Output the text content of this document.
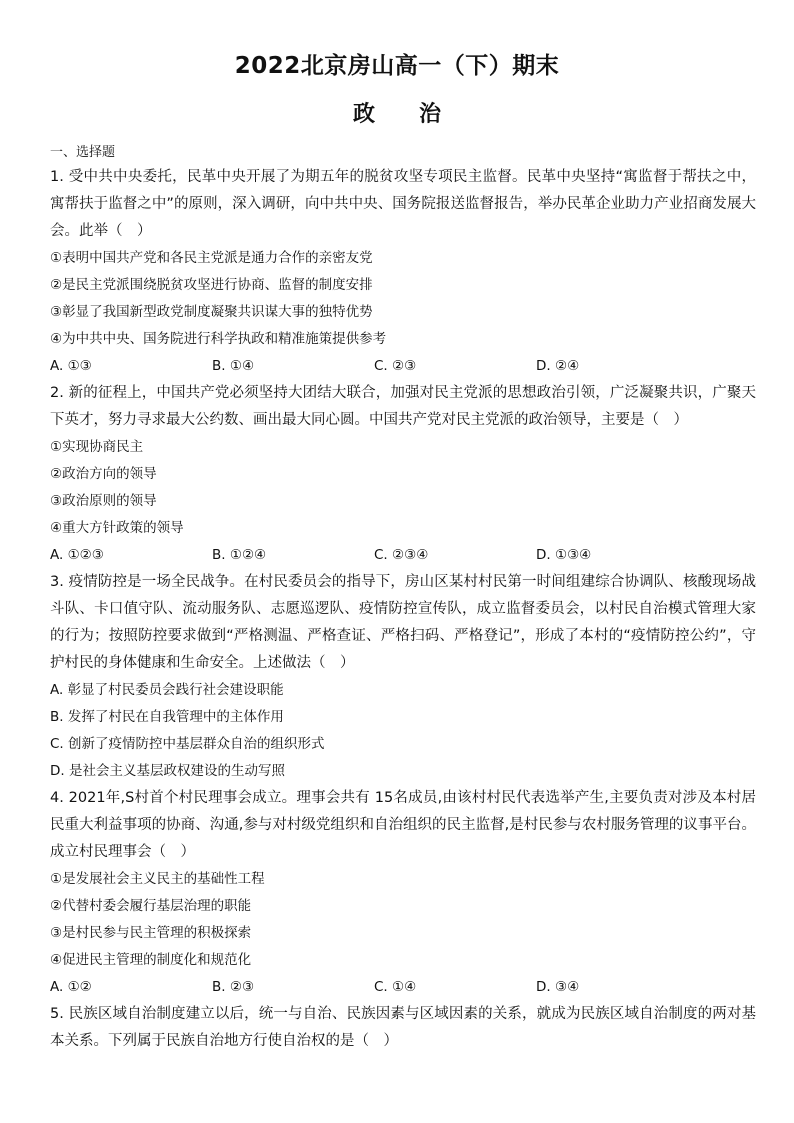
2022北京房山高一（下）期末
政 治
一、选择题

1. 受中共中央委托，民革中央开展了为期五年的脱贫攻坚专项民主监督。民革中央坚持“寓监督于帮扶之中，寓帮扶于监督之中”的原则，深入调研，向中共中央、国务院报送监督报告，举办民革企业助力产业招商发展大会。此举（　）

①表明中国共产党和各民主党派是通力合作的亲密友党
②是民主党派围绕脱贫攻坚进行协商、监督的制度安排
③彰显了我国新型政党制度凝聚共识谋大事的独特优势
④为中共中央、国务院进行科学执政和精准施策提供参考
A. ①③	B. ①④	C. ②③	D. ②④

2. 新的征程上，中国共产党必须坚持大团结大联合，加强对民主党派的思想政治引领，广泛凝聚共识，广聚天下英才，努力寻求最大公约数、画出最大同心圆。中国共产党对民主党派的政治领导，主要是（　）

①实现协商民主
②政治方向的领导
③政治原则的领导
④重大方针政策的领导
A. ①②③	B. ①②④	C. ②③④	D. ①③④

3. 疫情防控是一场全民战争。在村民委员会的指导下，房山区某村村民第一时间组建综合协调队、核酸现场战斗队、卡口值守队、流动服务队、志愿巡逻队、疫情防控宣传队，成立监督委员会，以村民自治模式管理大家的行为；按照防控要求做到“严格测温、严格查证、严格扫码、严格登记”，形成了本村的“疫情防控公约”，守护村民的身体健康和生命安全。上述做法（　）

A. 彰显了村民委员会践行社会建设职能
B. 发挥了村民在自我管理中的主体作用
C. 创新了疫情防控中基层群众自治的组织形式
D. 是社会主义基层政权建设的生动写照

4. 2021年,S村首个村民理事会成立。理事会共有 15名成员,由该村村民代表选举产生,主要负责对涉及本村居民重大利益事项的协商、沟通,参与对村级党组织和自治组织的民主监督,是村民参与农村服务管理的议事平台。成立村民理事会（　）

①是发展社会主义民主的基础性工程
②代替村委会履行基层治理的职能
③是村民参与民主管理的积极探索
④促进民主管理的制度化和规范化
A. ①②	B. ②③	C. ①④	D. ③④

5. 民族区域自治制度建立以后，统一与自治、民族因素与区域因素的关系，就成为民族区域自治制度的两对基本关系。下列属于民族自治地方行使自治权的是（　）
